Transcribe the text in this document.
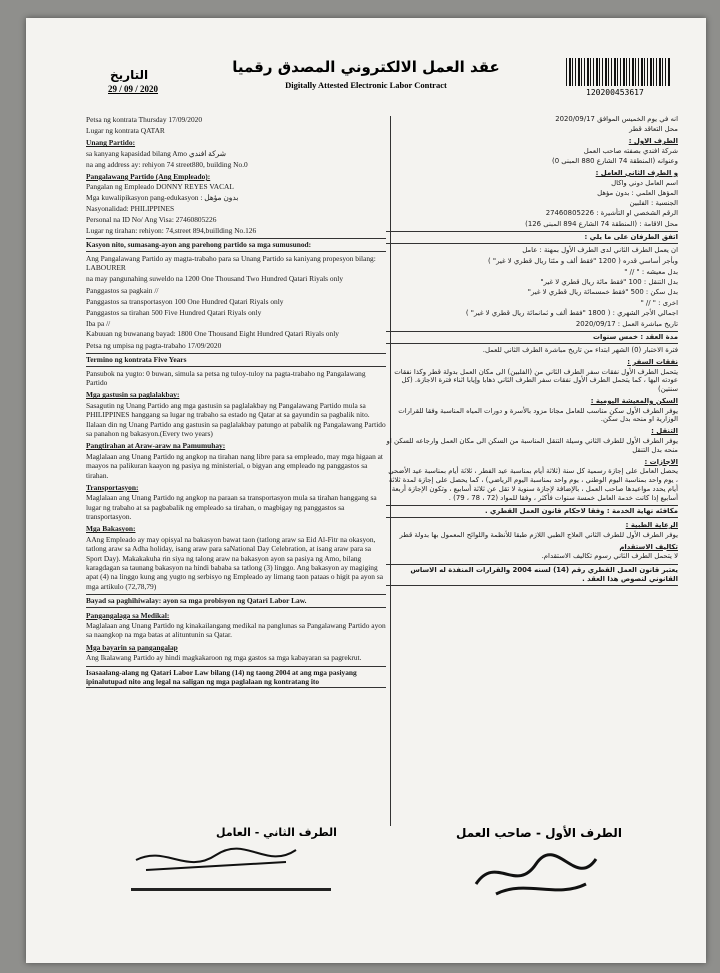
التاريخ
29 / 09 / 2020
عقد العمل الالكتروني المصدق رقميا
Digitally Attested Electronic Labor Contract
120200453617
Petsa ng kontrata Thursday 17/09/2020
Lugar ng kontrata QATAR
Unang Partido:
sa kanyang kapasidad bilang Amo شركة افندي
na ang address ay: rehiyon 74 street880, building No.0
Pangalawang Partido (Ang Empleado):
Pangalan ng Empleado DONNY REYES VACAL
Mga kuwalipikasyon pang-edukasyon : بدون مؤهل
Nasyonalidad: PHILIPPINES
Personal na ID No/ Ang Visa: 27460805226
Lugar ng tirahan: rehiyon: 74,street 894,buillding No.126
Kasyon nito, sumasang-ayon ang parehong partido sa mga sumusunod:
Ang Pangalawang Partido ay magta-trabaho para sa Unang Partido sa kaniyang propesyon bilang: LABOURER
na may pangunahing suweldo na 1200 One Thousand Two Hundred Qatari Riyals only
Panggastos sa pagkain //
Panggastos sa transportasyon 100 One Hundred Qatari Riyals only
Panggastos sa tirahan 500 Five Hundred Qatari Riyals only
Iba pa //
Kabuuan ng buwanang bayad: 1800 One Thousand Eight Hundred Qatari Riyals only
Petsa ng umpisa ng pagta-trabaho 17/09/2020
Termino ng kontrata Five Years
Pansubok na yugto: 0 buwan, simula sa petsa ng tuloy-tuloy na pagta-trabaho ng Pangalawang Partido
Mga gastusin sa paglalakbay:
Sasagutin ng Unang Partido ang mga gastusin sa paglalakbay ng Pangalawang Partido mula sa PHILIPPINES hanggang sa lugar ng trabaho sa estado ng Qatar at sa gayundin sa pagbalik nito. Ilalaan din ng Unang Partido ang gastusin sa paglalakbay patungo at pabalik ng Pangalawang Partido sa panahon ng bakasyon.(Every two years)
Pangtirahan at Araw-araw na Pamumuhay:
Maglalaan ang Unang Partido ng angkop na tirahan nang libre para sa empleado, may mga higaan at maayos na palikuran kaayon ng pasiya ng ministerial, o bigyan ang empleado ng panggastos sa tirahan.
Transportasyon:
Maglalaan ang Unang Partido ng angkop na paraan sa transportasyon mula sa tirahan hanggang sa lugar ng trabaho at sa pagbabalik ng empleado sa tirahan, o magbigay ng panggastos sa transportasyon.
Mga Bakasyon:
AAng Empleado ay may opisyal na bakasyon bawat taon (tatlong araw sa Eid Al-Fitr na okasyon, tatlong araw sa Adha holiday, isang araw para saNational Day Celebration, at isang araw para sa Sport Day). Makakakuha rin siya ng talong araw na bakasyon ayon sa pasiya ng Amo, bilang karagdagan sa taunang bakasyon na hindi bababa sa tatlong (3) linggo. Ang bakasyon ay magiging apat (4) na linggo kung ang yugto ng serbisyo ng Empleado ay limang taon pataas o higit pa ayon sa mga artikulo (72,78,79)
Bayad sa paghihiwalay: ayon sa mga probisyon ng Qatari Labor Law.
Pangangalaga sa Medikal:
Maglalaan ang Unang Partido ng kinakailangang medikal na panglunas sa Pangalawang Partido ayon sa naangkop na mga batas at alituntunin sa Qatar.
Mga bayarin sa pangangalap
Ang Ikalawang Partido ay hindi magkakaroon ng mga gastos sa mga kabayaran sa pagrekrut.
Isasaalang-alang ng Qatari Labor Law bilang (14) ng taong 2004 at ang mga pasiyang ipinalutupad nito ang legal na saligan ng mga paglalaan ng kontratang ito
انه في يوم الخميس الموافق 2020/09/17
محل التعاقد قطر
الطرف الاول :
شركة افندي بصفته صاحب العمل
وعنوانه (المنطقة 74 الشارع 880 المبنى 0)
و الطرف الثاني العامل :
اسم العامل دوني واكال
المؤهل العلمي : بدون مؤهل
الجنسية : الفلبين
الرقم الشخصي او التأشيرة : 27460805226
محل الاقامة : (المنطقة 74 الشارع 894 المبنى 126)
اتفق الطرفان على ما يلي :
ان يعمل الطرف الثاني لدى الطرف الأول بمهنة : عامل
وبأجر أساسي قدره ( 1200 "فقط ألف و مئتا ريال قطري لا غير" )
بدل معيشه : " // "
بدل التنقل : 100 "فقط مائة ريال قطري لا غير"
بدل سكن : 500 "فقط خمسمائة ريال قطري لا غير"
اخرى : " // "
اجمالي الأجر الشهري : ( 1800 "فقط ألف و ثمانمائة ريال قطري لا غير" )
تاريخ مباشرة العمل : 2020/09/17
مدة العقد : خمس سنوات
فترة الاختبار (0) الشهر ابتداء من تاريخ مباشرة الطرف الثاني للعمل.
نفقات السفر :
يتحمل الطرف الأول نفقات سفر الطرف الثاني من (الفلبين) الى مكان العمل بدولة قطر وكذا نفقات عودته اليها ، كما يتحمل الطرف الأول نفقات سفر الطرف الثاني ذهابا وإيابا اثناء فترة الاجازة. (كل سنتين)
السكن والمعيشة اليومية :
يوفر الطرف الأول سكن مناسب للعامل مجانا مزود بالأسرة و دورات المياه المناسبة وفقا للقرارات الوزارية او منحه بدل سكن.
التنقل :
يوفر الطرف الأول للطرف الثاني وسيلة التنقل المناسبة من السكن الى مكان العمل وارجاعه للسكن او منحه بدل التنقل
الاجازات :
يحصل العامل على إجازة رسمية كل سنة (ثلاثة أيام بمناسبة عيد الفطر ، ثلاثة أيام بمناسبة عيد الأضحى ، يوم واحد بمناسبة اليوم الوطني ، يوم واحد بمناسبة اليوم الرياضي) ، كما يحصل على إجازة لمدة ثلاثة أيام يحدد مواعيدها صاحب العمل ، بالإضافة لإجازة سنوية لا تقل عن ثلاثة أسابيع ، وتكون الإجازة أربعة أسابيع إذا كانت خدمة العامل خمسة سنوات فأكثر ، وفقا للمواد (72 ، 78 ، 79) .
مكافئه نهاية الخدمة : وفقا لاحكام قانون العمل القطري .
الرعاية الطبية :
يوفر الطرف الأول للطرف الثاني العلاج الطبي اللازم طبقا للأنظمة واللوائح المعمول بها بدولة قطر
تكاليف الاستقدام
لا يتحمل الطرف الثاني رسوم تكاليف الاستقدام.
يعتبر قانون العمل القطري رقم (14) لسنه 2004 والقرارات المنفذة له الاساس القانوني لنصوص هذا العقد .
الطرف الثاني - العامل	الطرف الأول - صاحب العمل
